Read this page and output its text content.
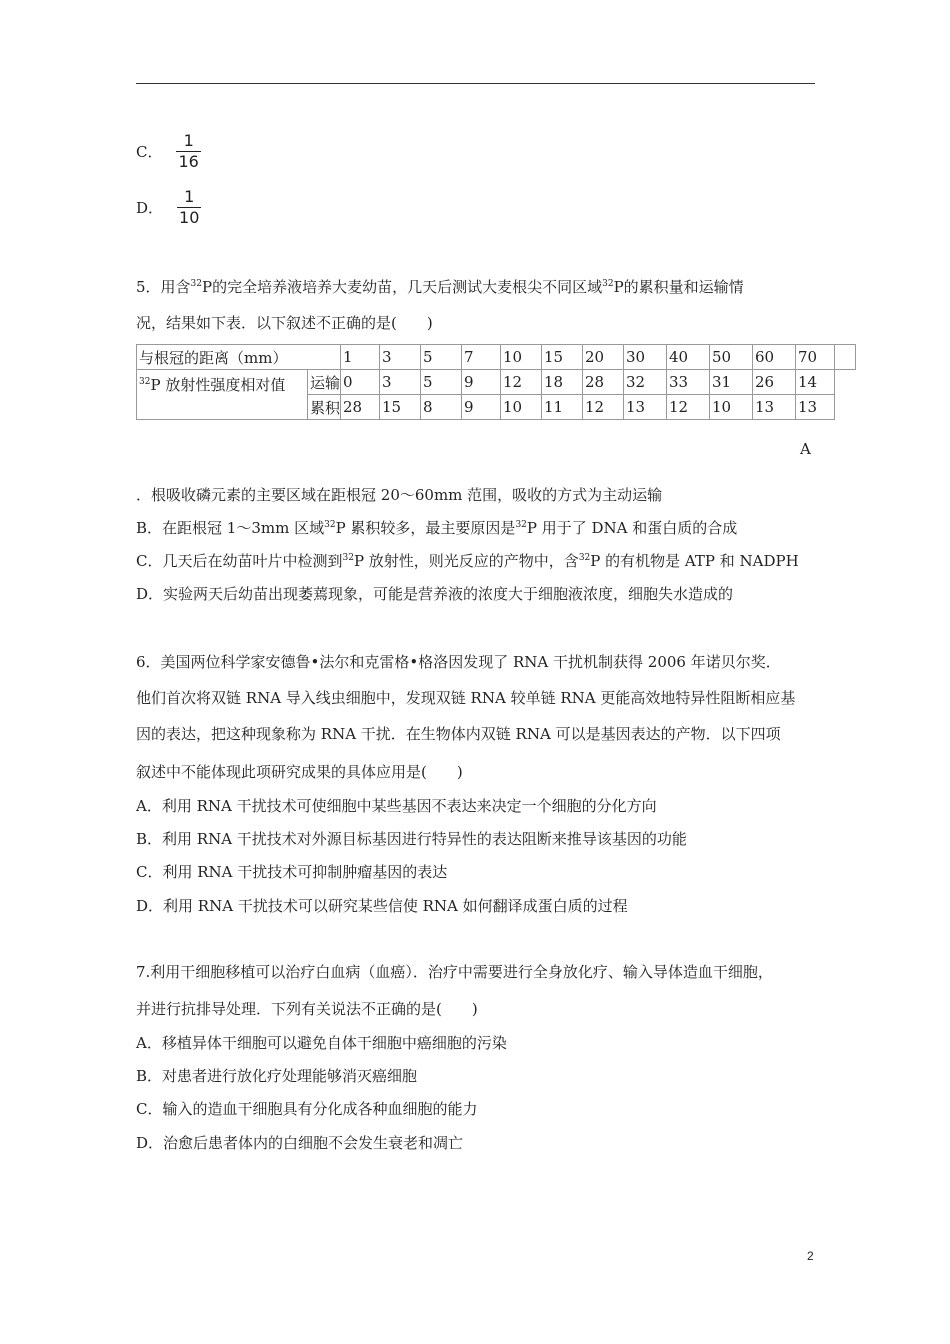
C． $\frac{1}{16}$
D． $\frac{1}{10}$
5．用含$^{32}$P的完全培养液培养大麦幼苗，几天后测试大麦根尖不同区域$^{32}$P的累积量和运输情
况，结果如下表．以下叙述不正确的是(　　)
与根冠的距离（mm）		1	3	5	7	10	15	20	30	40	50	60	70	
$^{32}$P 放射性强度相对值	运输	0	3	5	9	12	18	28	32	33	31	26	14	
	累积	28	15	8	9	10	11	12	13	12	10	13	13	
A
．根吸收磷元素的主要区域在距根冠 20～60mm 范围，吸收的方式为主动运输
B．在距根冠 1～3mm 区域$^{32}$P 累积较多，最主要原因是$^{32}$P 用于了 DNA 和蛋白质的合成
C．几天后在幼苗叶片中检测到$^{32}$P 放射性，则光反应的产物中，含$^{32}$P 的有机物是 ATP 和 NADPH
D．实验两天后幼苗出现萎蔫现象，可能是营养液的浓度大于细胞液浓度，细胞失水造成的
6．美国两位科学家安德鲁•法尔和克雷格•格洛因发现了 RNA 干扰机制获得 2006 年诺贝尔奖．
他们首次将双链 RNA 导入线虫细胞中，发现双链 RNA 较单链 RNA 更能高效地特异性阻断相应基
因的表达，把这种现象称为 RNA 干扰．在生物体内双链 RNA 可以是基因表达的产物．以下四项
叙述中不能体现此项研究成果的具体应用是(　　)
A．利用 RNA 干扰技术可使细胞中某些基因不表达来决定一个细胞的分化方向
B．利用 RNA 干扰技术对外源目标基因进行特异性的表达阻断来推导该基因的功能
C．利用 RNA 干扰技术可抑制肿瘤基因的表达
D．利用 RNA 干扰技术可以研究某些信使 RNA 如何翻译成蛋白质的过程
7.利用干细胞移植可以治疗白血病（血癌）．治疗中需要进行全身放化疗、输入导体造血干细胞，
并进行抗排导处理．下列有关说法不正确的是(　　)
A．移植异体干细胞可以避免自体干细胞中癌细胞的污染
B．对患者进行放化疗处理能够消灭癌细胞
C．输入的造血干细胞具有分化成各种血细胞的能力
D．治愈后患者体内的白细胞不会发生衰老和凋亡
2
